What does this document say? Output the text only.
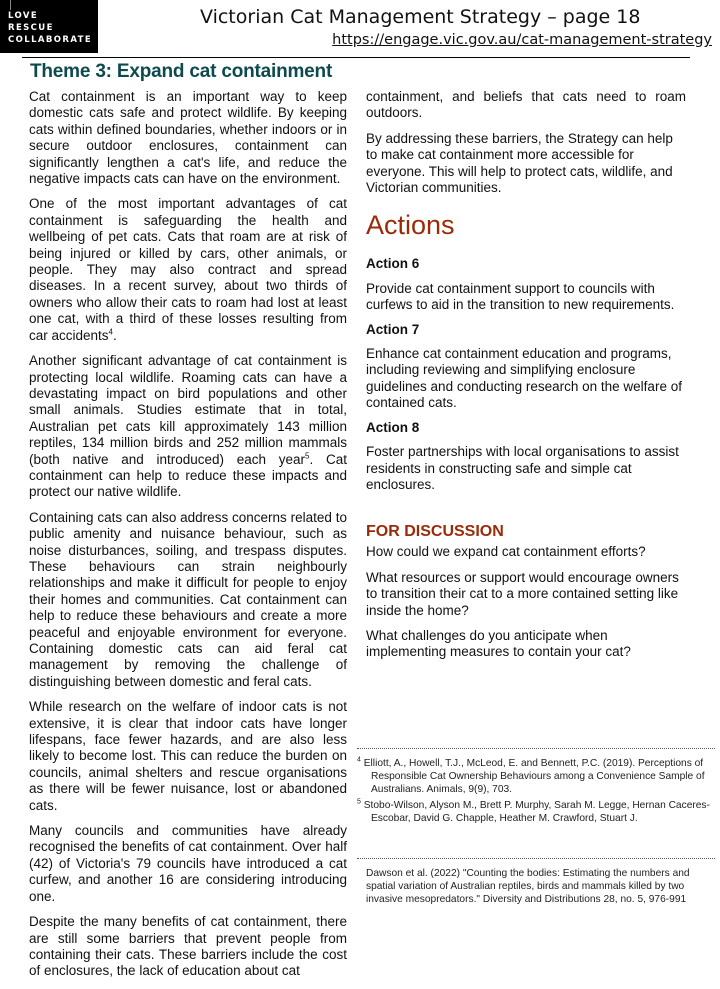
LOVE
RESCUE
COLLABORATE
Victorian Cat Management Strategy – page 18
https://engage.vic.gov.au/cat-management-strategy
Theme 3: Expand cat containment

Cat containment is an important way to keep domestic cats safe and protect wildlife. By keeping cats within defined boundaries, whether indoors or in secure outdoor enclosures, containment can significantly lengthen a cat's life, and reduce the negative impacts cats can have on the environment.

One of the most important advantages of cat containment is safeguarding the health and wellbeing of pet cats. Cats that roam are at risk of being injured or killed by cars, other animals, or people. They may also contract and spread diseases. In a recent survey, about two thirds of owners who allow their cats to roam had lost at least one cat, with a third of these losses resulting from car accidents$^4$.

Another significant advantage of cat containment is protecting local wildlife. Roaming cats can have a devastating impact on bird populations and other small animals. Studies estimate that in total, Australian pet cats kill approximately 143 million reptiles, 134 million birds and 252 million mammals (both native and introduced) each year$^5$. Cat containment can help to reduce these impacts and protect our native wildlife.

Containing cats can also address concerns related to public amenity and nuisance behaviour, such as noise disturbances, soiling, and trespass disputes. These behaviours can strain neighbourly relationships and make it difficult for people to enjoy their homes and communities. Cat containment can help to reduce these behaviours and create a more peaceful and enjoyable environment for everyone. Containing domestic cats can aid feral cat management by removing the challenge of distinguishing between domestic and feral cats.

While research on the welfare of indoor cats is not extensive, it is clear that indoor cats have longer lifespans, face fewer hazards, and are also less likely to become lost. This can reduce the burden on councils, animal shelters and rescue organisations as there will be fewer nuisance, lost or abandoned cats.

Many councils and communities have already recognised the benefits of cat containment. Over half (42) of Victoria's 79 councils have introduced a cat curfew, and another 16 are considering introducing one.

Despite the many benefits of cat containment, there are still some barriers that prevent people from containing their cats. These barriers include the cost of enclosures, the lack of education about cat

containment, and beliefs that cats need to roam outdoors.

By addressing these barriers, the Strategy can help to make cat containment more accessible for everyone. This will help to protect cats, wildlife, and Victorian communities.

Actions
Action 6

Provide cat containment support to councils with curfews to aid in the transition to new requirements.

Action 7

Enhance cat containment education and programs, including reviewing and simplifying enclosure guidelines and conducting research on the welfare of contained cats.

Action 8

Foster partnerships with local organisations to assist residents in constructing safe and simple cat enclosures.

FOR DISCUSSION

How could we expand cat containment efforts?

What resources or support would encourage owners to transition their cat to a more contained setting like inside the home?

What challenges do you anticipate when implementing measures to contain your cat?

$^4$ Elliott, A., Howell, T.J., McLeod, E. and Bennett, P.C. (2019). Perceptions of Responsible Cat Ownership Behaviours among a Convenience Sample of Australians. Animals, 9(9), 703.

$^5$ Stobo-Wilson, Alyson M., Brett P. Murphy, Sarah M. Legge, Hernan Caceres-Escobar, David G. Chapple, Heather M. Crawford, Stuart J.

Dawson et al. (2022) "Counting the bodies: Estimating the numbers and spatial variation of Australian reptiles, birds and mammals killed by two invasive mesopredators." Diversity and Distributions 28, no. 5, 976-991
